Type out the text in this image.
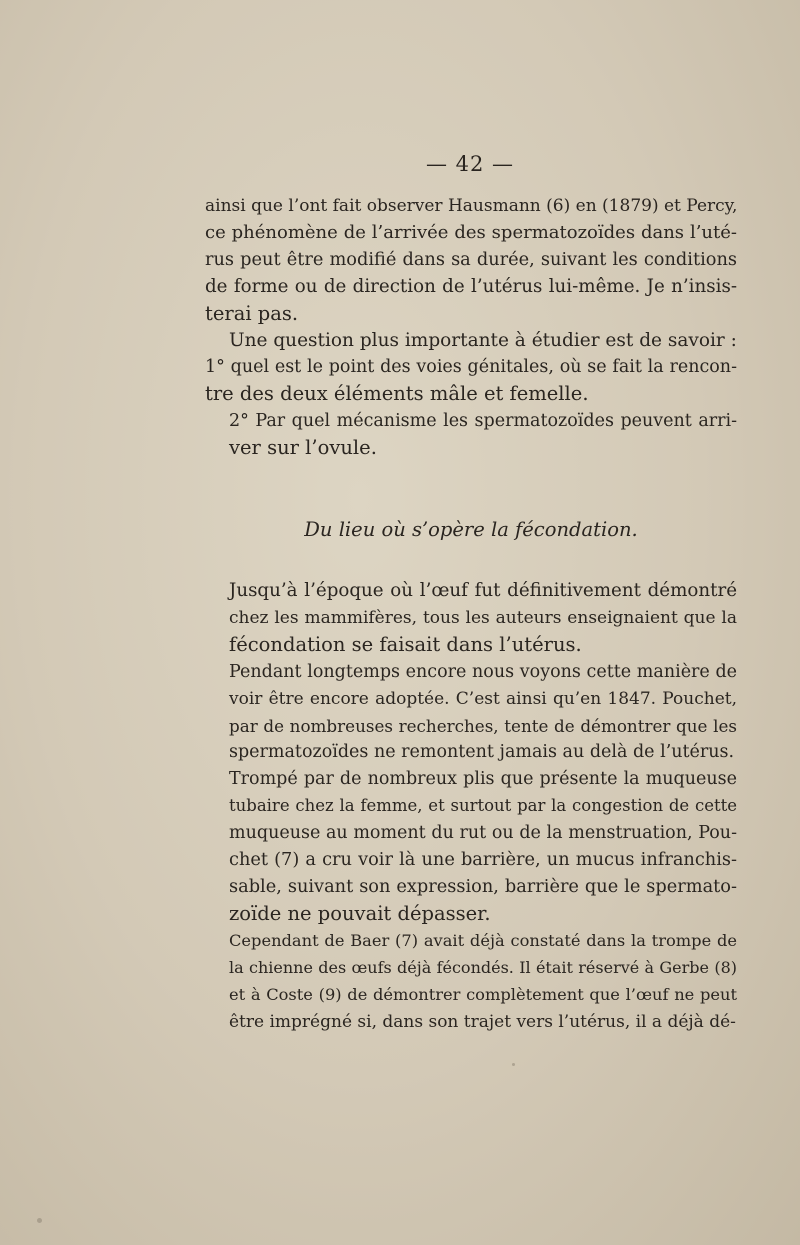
— 42 —

ainsi que l’ont fait observer Hausmann (6) en (1879) et Percy,
ce phénomène de l’arrivée des spermatozoïdes dans l’uté-
rus peut être modifié dans sa durée, suivant les conditions
de forme ou de direction de l’utérus lui-même. Je n’insis-
terai pas.

Une question plus importante à étudier est de savoir :

1° quel est le point des voies génitales, où se fait la rencon-
tre des deux éléments mâle et femelle.

2° Par quel mécanisme les spermatozoïdes peuvent arri-
ver sur l’ovule.

Du lieu où s’opère la fécondation.

Jusqu’à l’époque où l’œuf fut définitivement démontré
chez les mammifères, tous les auteurs enseignaient que la
fécondation se faisait dans l’utérus.

Pendant longtemps encore nous voyons cette manière de
voir être encore adoptée. C’est ainsi qu’en 1847. Pouchet,
par de nombreuses recherches, tente de démontrer que les
spermatozoïdes ne remontent jamais au delà de l’utérus.

Trompé par de nombreux plis que présente la muqueuse
tubaire chez la femme, et surtout par la congestion de cette
muqueuse au moment du rut ou de la menstruation, Pou-
chet (7) a cru voir là une barrière, un mucus infranchis-
sable, suivant son expression, barrière que le spermato-
zoïde ne pouvait dépasser.

Cependant de Baer (7) avait déjà constaté dans la trompe de
la chienne des œufs déjà fécondés. Il était réservé à Gerbe (8)
et à Coste (9) de démontrer complètement que l’œuf ne peut
être imprégné si, dans son trajet vers l’utérus, il a déjà dé-
